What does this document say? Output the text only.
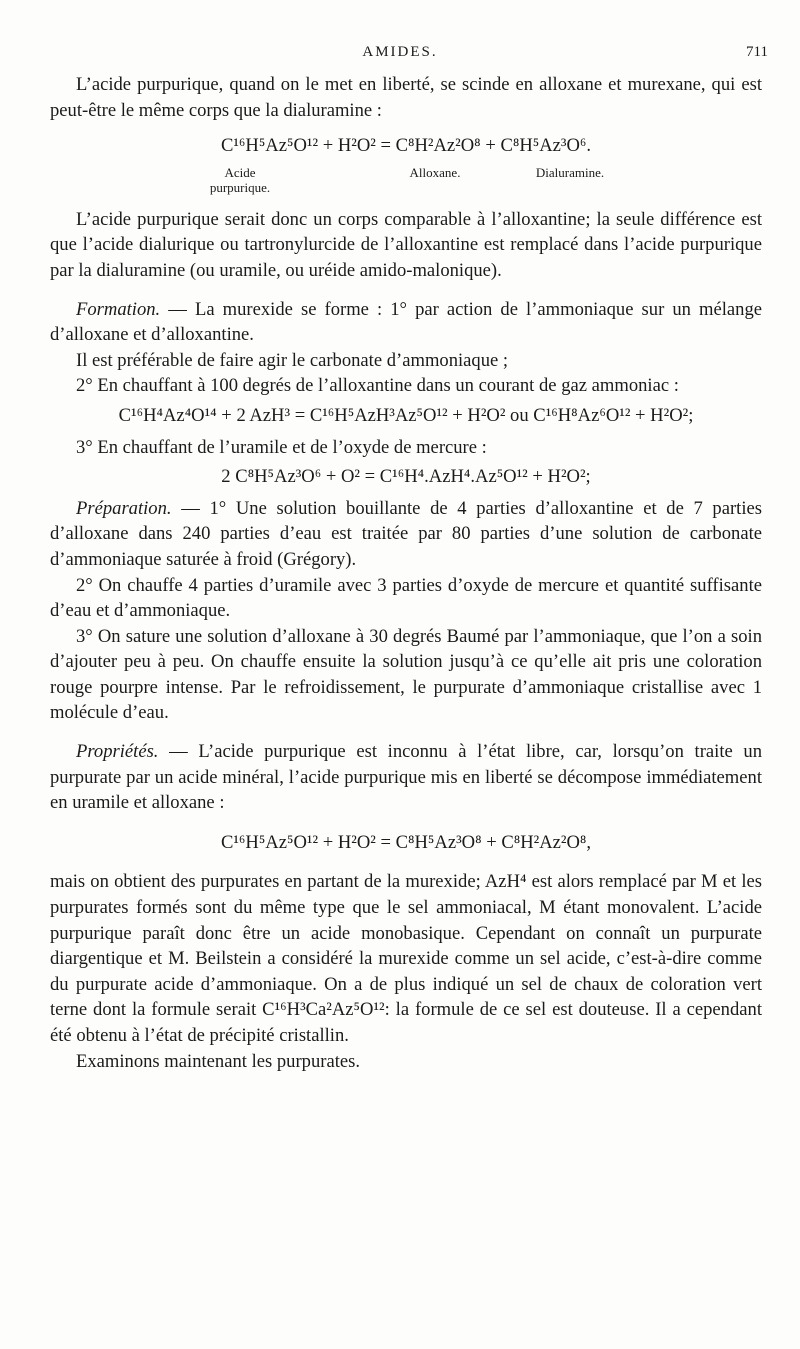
AMIDES.	711

L’acide purpurique, quand on le met en liberté, se scinde en alloxane et murexane, qui est peut-être le même corps que la dialuramine :

C¹⁶H⁵Az⁵O¹² + H²O² = C⁸H²Az²O⁸ + C⁸H⁵Az³O⁶.
Acide
purpurique.
Alloxane.	Dialuramine.

L’acide purpurique serait donc un corps comparable à l’alloxantine; la seule différence est que l’acide dialurique ou tartronylurcide de l’alloxantine est remplacé dans l’acide purpurique par la dialuramine (ou uramile, ou uréide amido-malonique).

Formation. — La murexide se forme : 1° par action de l’ammoniaque sur un mélange d’alloxane et d’alloxantine.

Il est préférable de faire agir le carbonate d’ammoniaque ;

2° En chauffant à 100 degrés de l’alloxantine dans un courant de gaz ammoniac :

C¹⁶H⁴Az⁴O¹⁴ + 2 AzH³ = C¹⁶H⁵AzH³Az⁵O¹² + H²O² ou C¹⁶H⁸Az⁶O¹² + H²O²;

3° En chauffant de l’uramile et de l’oxyde de mercure :

2 C⁸H⁵Az³O⁶ + O² = C¹⁶H⁴.AzH⁴.Az⁵O¹² + H²O²;

Préparation. — 1° Une solution bouillante de 4 parties d’alloxantine et de 7 parties d’alloxane dans 240 parties d’eau est traitée par 80 parties d’une solution de carbonate d’ammoniaque saturée à froid (Grégory).

2° On chauffe 4 parties d’uramile avec 3 parties d’oxyde de mercure et quantité suffisante d’eau et d’ammoniaque.

3° On sature une solution d’alloxane à 30 degrés Baumé par l’ammoniaque, que l’on a soin d’ajouter peu à peu. On chauffe ensuite la solution jusqu’à ce qu’elle ait pris une coloration rouge pourpre intense. Par le refroidissement, le purpurate d’ammoniaque cristallise avec 1 molécule d’eau.

Propriétés. — L’acide purpurique est inconnu à l’état libre, car, lorsqu’on traite un purpurate par un acide minéral, l’acide purpurique mis en liberté se décompose immédiatement en uramile et alloxane :

C¹⁶H⁵Az⁵O¹² + H²O² = C⁸H⁵Az³O⁸ + C⁸H²Az²O⁸,

mais on obtient des purpurates en partant de la murexide; AzH⁴ est alors remplacé par M et les purpurates formés sont du même type que le sel ammoniacal, M étant monovalent. L’acide purpurique paraît donc être un acide monobasique. Cependant on connaît un purpurate diargentique et M. Beilstein a considéré la murexide comme un sel acide, c’est-à-dire comme du purpurate acide d’ammoniaque. On a de plus indiqué un sel de chaux de coloration vert terne dont la formule serait C¹⁶H³Ca²Az⁵O¹²: la formule de ce sel est douteuse. Il a cependant été obtenu à l’état de précipité cristallin.

Examinons maintenant les purpurates.
